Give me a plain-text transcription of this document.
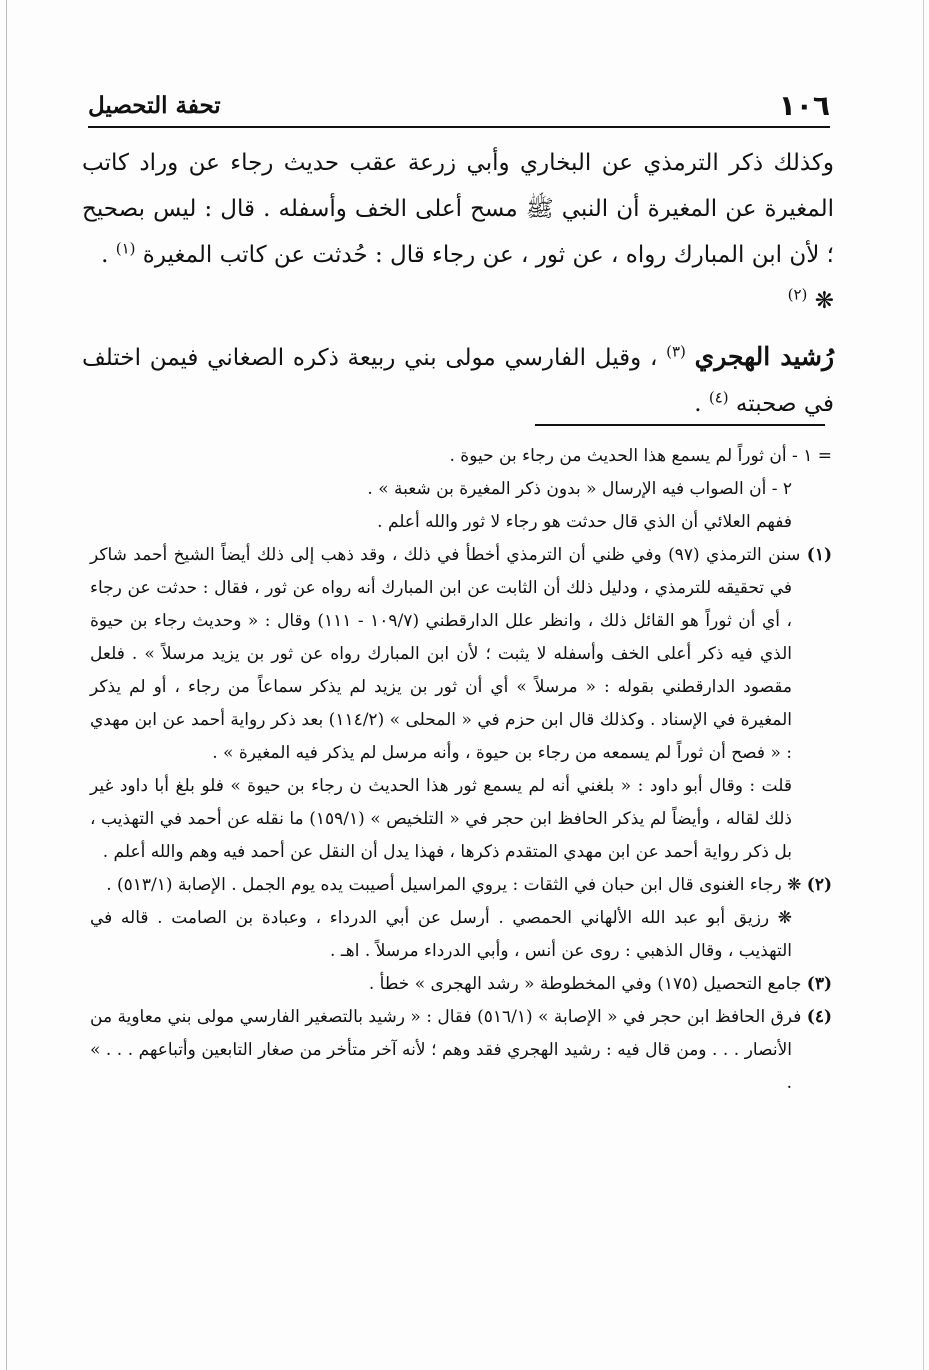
١٠٦
تحفة التحصيل

وكذلك ذكر الترمذي عن البخاري وأبي زرعة عقب حديث رجاء عن وراد كاتب المغيرة عن المغيرة أن النبي ﷺ مسح أعلى الخف وأسفله . قال : ليس بصحيح ؛ لأن ابن المبارك رواه ، عن ثور ، عن رجاء قال : حُدثت عن كاتب المغيرة $^{(١)}$ .

❋ $^{(٢)}$

رُشيد الهجري $^{(٣)}$ ، وقيل الفارسي مولى بني ربيعة ذكره الصغاني فيمن اختلف في صحبته $^{(٤)}$ .

= ١ - أن ثوراً لم يسمع هذا الحديث من رجاء بن حيوة .

٢ - أن الصواب فيه الإرسال « بدون ذكر المغيرة بن شعبة » .

ففهم العلائي أن الذي قال حدثت هو رجاء لا ثور والله أعلم .

(١) سنن الترمذي (٩٧) وفي ظني أن الترمذي أخطأ في ذلك ، وقد ذهب إلى ذلك أيضاً الشيخ أحمد شاكر في تحقيقه للترمذي ، ودليل ذلك أن الثابت عن ابن المبارك أنه رواه عن ثور ، فقال : حدثت عن رجاء ، أي أن ثوراً هو القائل ذلك ، وانظر علل الدارقطني (١٠٩/٧ - ١١١) وقال : « وحديث رجاء بن حيوة الذي فيه ذكر أعلى الخف وأسفله لا يثبت ؛ لأن ابن المبارك رواه عن ثور بن يزيد مرسلاً » . فلعل مقصود الدارقطني بقوله : « مرسلاً » أي أن ثور بن يزيد لم يذكر سماعاً من رجاء ، أو لم يذكر المغيرة في الإسناد . وكذلك قال ابن حزم في « المحلى » (١١٤/٢) بعد ذكر رواية أحمد عن ابن مهدي : « فصح أن ثوراً لم يسمعه من رجاء بن حيوة ، وأنه مرسل لم يذكر فيه المغيرة » .

قلت : وقال أبو داود : « بلغني أنه لم يسمع ثور هذا الحديث ن رجاء بن حيوة » فلو بلغ أبا داود غير ذلك لقاله ، وأيضاً لم يذكر الحافظ ابن حجر في « التلخيص » (١٥٩/١) ما نقله عن أحمد في التهذيب ، بل ذكر رواية أحمد عن ابن مهدي المتقدم ذكرها ، فهذا يدل أن النقل عن أحمد فيه وهم والله أعلم .

(٢) ❋ رجاء الغنوى قال ابن حبان في الثقات : يروي المراسيل أصيبت يده يوم الجمل . الإصابة (٥١٣/١) .

❋ رزيق أبو عبد الله الألهاني الحمصي . أرسل عن أبي الدرداء ، وعبادة بن الصامت . قاله في التهذيب ، وقال الذهبي : روى عن أنس ، وأبي الدرداء مرسلاً . اهـ .

(٣) جامع التحصيل (١٧٥) وفي المخطوطة « رشد الهجرى » خطأ .

(٤) فرق الحافظ ابن حجر في « الإصابة » (٥١٦/١) فقال : « رشيد بالتصغير الفارسي مولى بني معاوية من الأنصار . . . ومن قال فيه : رشيد الهجري فقد وهم ؛ لأنه آخر متأخر من صغار التابعين وأتباعهم . . . » .
